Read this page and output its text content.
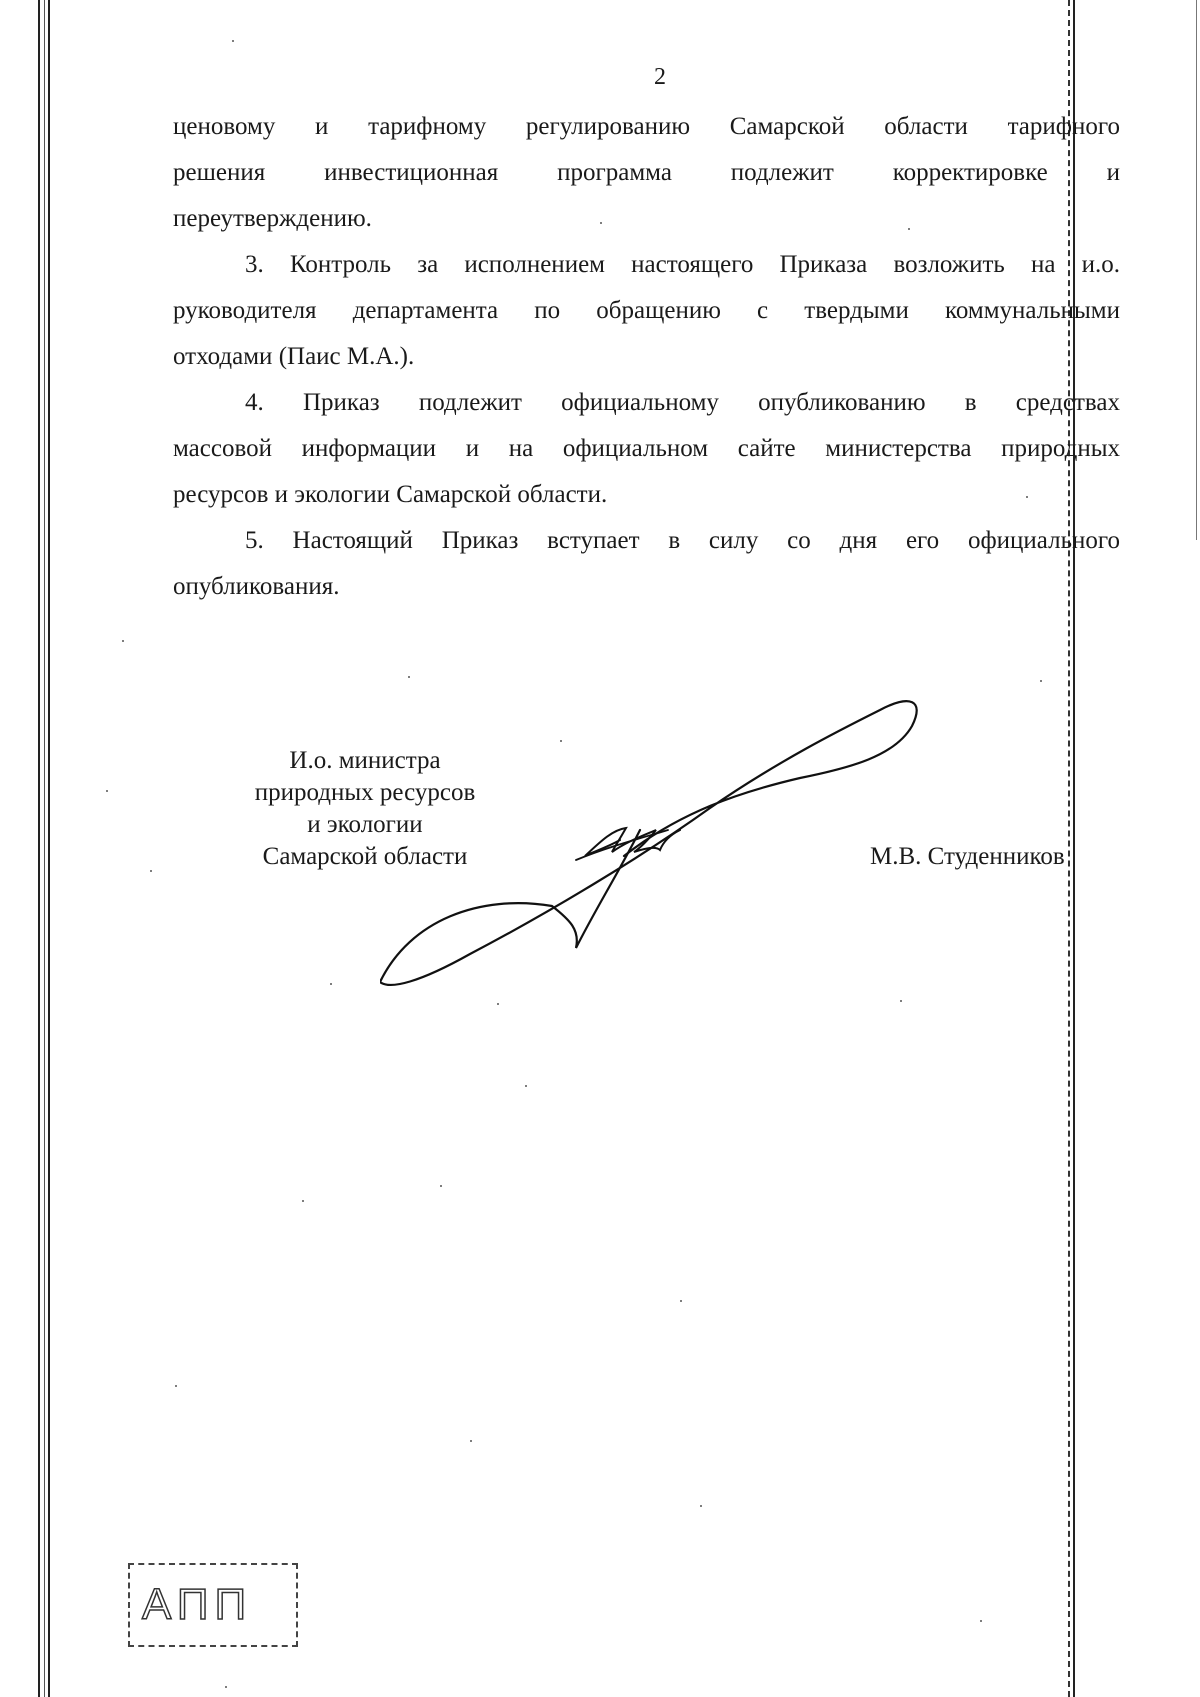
2

ценовому и тарифному регулированию Самарской области тарифного
решения инвестиционная программа подлежит корректировке и
переутверждению.

3. Контроль за исполнением настоящего Приказа возложить на и.о.
руководителя департамента по обращению с твердыми коммунальными
отходами (Паис М.А.).

4. Приказ подлежит официальному опубликованию в средствах
массовой информации и на официальном сайте министерства природных
ресурсов и экологии Самарской области.

5. Настоящий Приказ вступает в силу со дня его официального
опубликования.

И.о. министра
природных ресурсов
и экологии
Самарской области	М.В. Студенников
АПП
